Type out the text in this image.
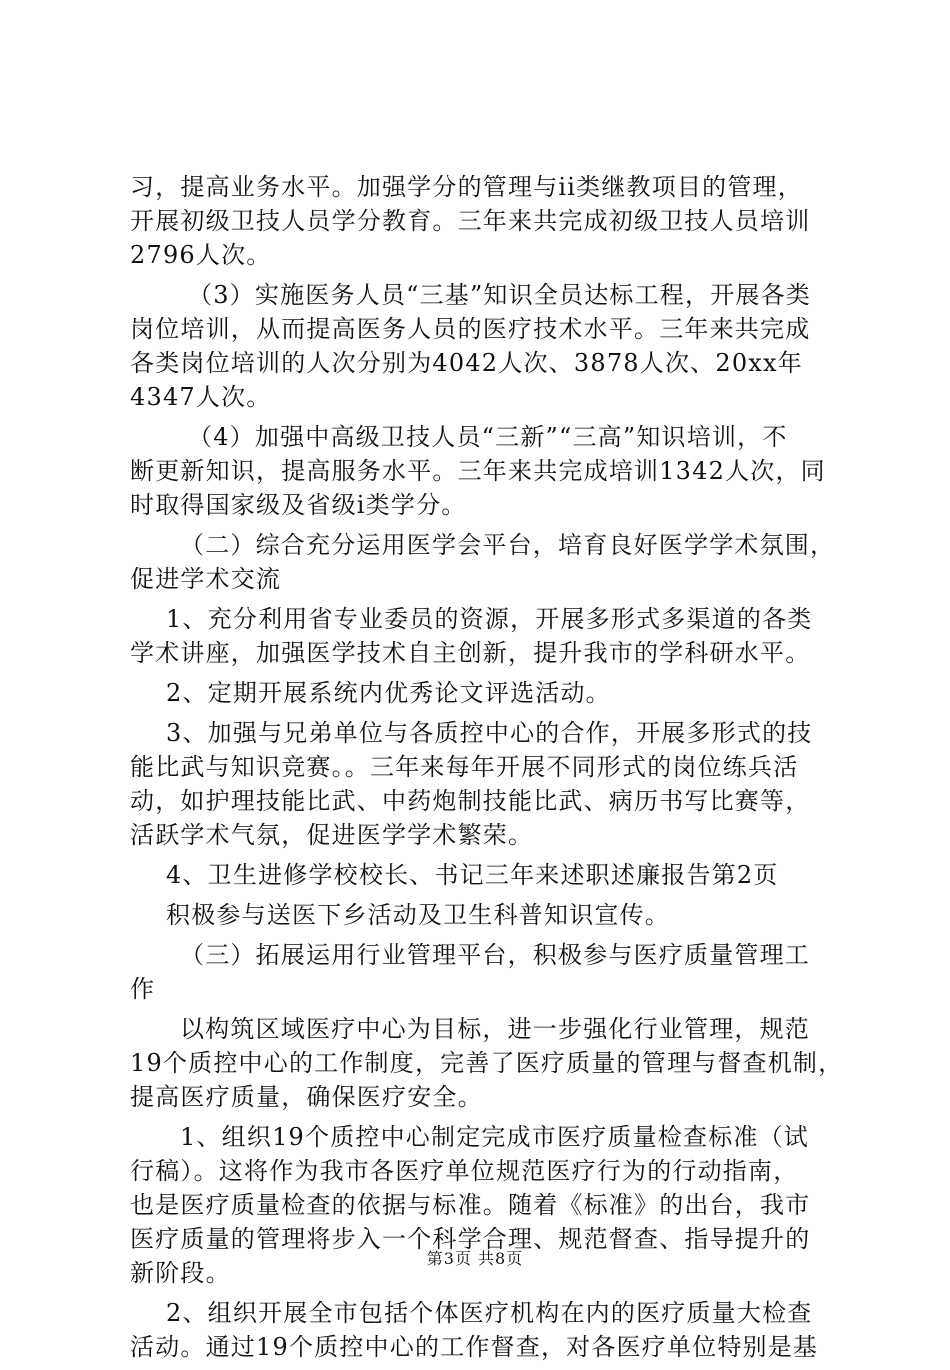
习，提高业务水平。加强学分的管理与ii类继教项目的管理，
开展初级卫技人员学分教育。三年来共完成初级卫技人员培训
2796人次。
（3）实施医务人员“三基”知识全员达标工程，开展各类
岗位培训，从而提高医务人员的医疗技术水平。三年来共完成
各类岗位培训的人次分别为4042人次、3878人次、20xx年
4347人次。
（4）加强中高级卫技人员“三新”“三高”知识培训，不
断更新知识，提高服务水平。三年来共完成培训1342人次，同
时取得国家级及省级i类学分。
（二）综合充分运用医学会平台，培育良好医学学术氛围，
促进学术交流
1、充分利用省专业委员的资源，开展多形式多渠道的各类
学术讲座，加强医学技术自主创新，提升我市的学科研水平。
2、定期开展系统内优秀论文评选活动。
3、加强与兄弟单位与各质控中心的合作，开展多形式的技
能比武与知识竞赛。。三年来每年开展不同形式的岗位练兵活
动，如护理技能比武、中药炮制技能比武、病历书写比赛等，
活跃学术气氛，促进医学学术繁荣。
4、卫生进修学校校长、书记三年来述职述廉报告第2页
积极参与送医下乡活动及卫生科普知识宣传。
（三）拓展运用行业管理平台，积极参与医疗质量管理工
作
以构筑区域医疗中心为目标，进一步强化行业管理，规范
19个质控中心的工作制度，完善了医疗质量的管理与督查机制，
提高医疗质量，确保医疗安全。
1、组织19个质控中心制定完成市医疗质量检查标准（试
行稿）。这将作为我市各医疗单位规范医疗行为的行动指南，
也是医疗质量检查的依据与标准。随着《标准》的出台，我市
医疗质量的管理将步入一个科学合理、规范督查、指导提升的
新阶段。
2、组织开展全市包括个体医疗机构在内的医疗质量大检查
活动。通过19个质控中心的工作督查，对各医疗单位特别是基
第3页 共8页
